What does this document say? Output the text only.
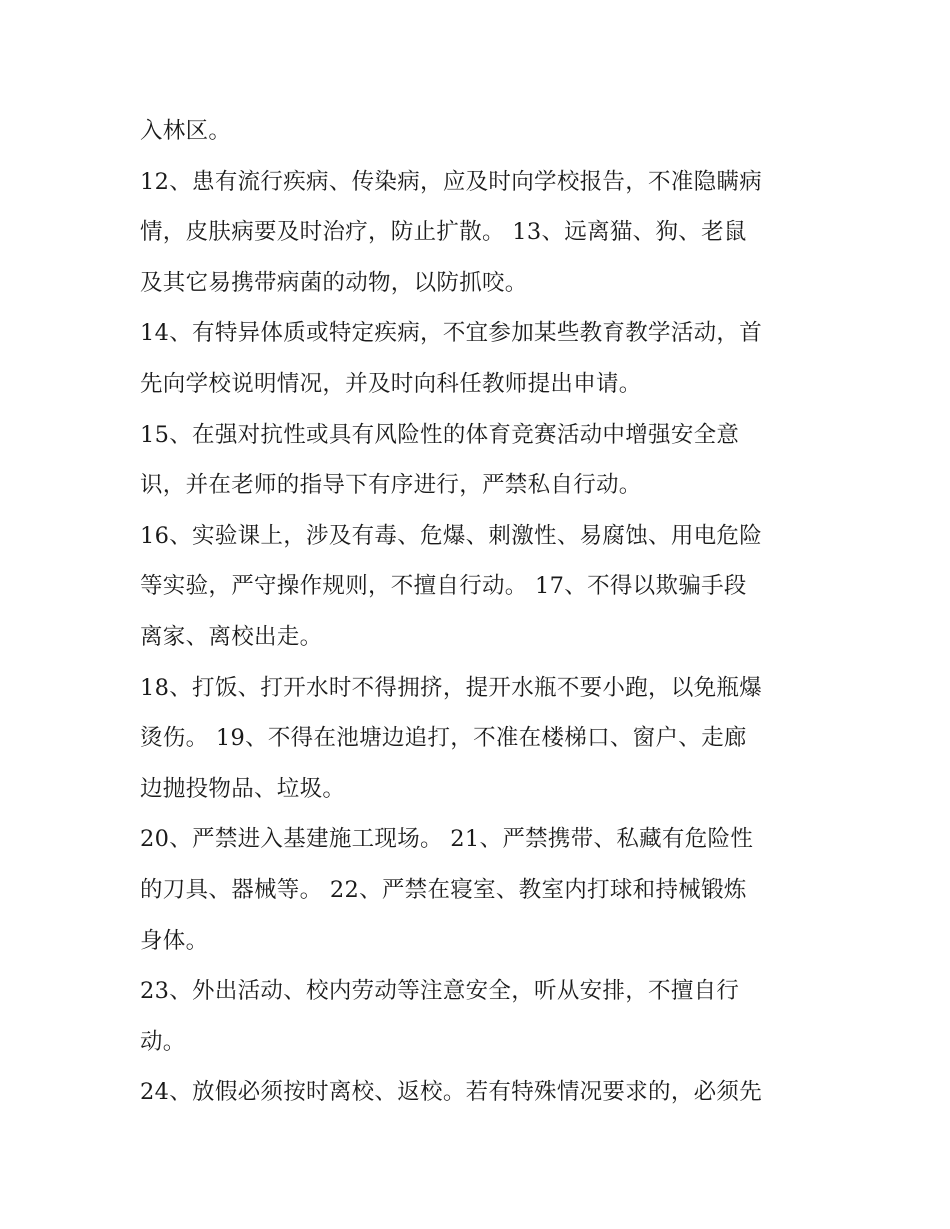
入林区。
12、患有流行疾病、传染病，应及时向学校报告，不准隐瞒病
情，皮肤病要及时治疗，防止扩散。 13、远离猫、狗、老鼠
及其它易携带病菌的动物，以防抓咬。
14、有特异体质或特定疾病，不宜参加某些教育教学活动，首
先向学校说明情况，并及时向科任教师提出申请。
15、在强对抗性或具有风险性的体育竞赛活动中增强安全意
识，并在老师的指导下有序进行，严禁私自行动。
16、实验课上，涉及有毒、危爆、刺激性、易腐蚀、用电危险
等实验，严守操作规则，不擅自行动。 17、不得以欺骗手段
离家、离校出走。
18、打饭、打开水时不得拥挤，提开水瓶不要小跑，以免瓶爆
烫伤。 19、不得在池塘边追打，不准在楼梯口、窗户、走廊
边抛投物品、垃圾。
20、严禁进入基建施工现场。 21、严禁携带、私藏有危险性
的刀具、器械等。 22、严禁在寝室、教室内打球和持械锻炼
身体。
23、外出活动、校内劳动等注意安全，听从安排，不擅自行
动。
24、放假必须按时离校、返校。若有特殊情况要求的，必须先
